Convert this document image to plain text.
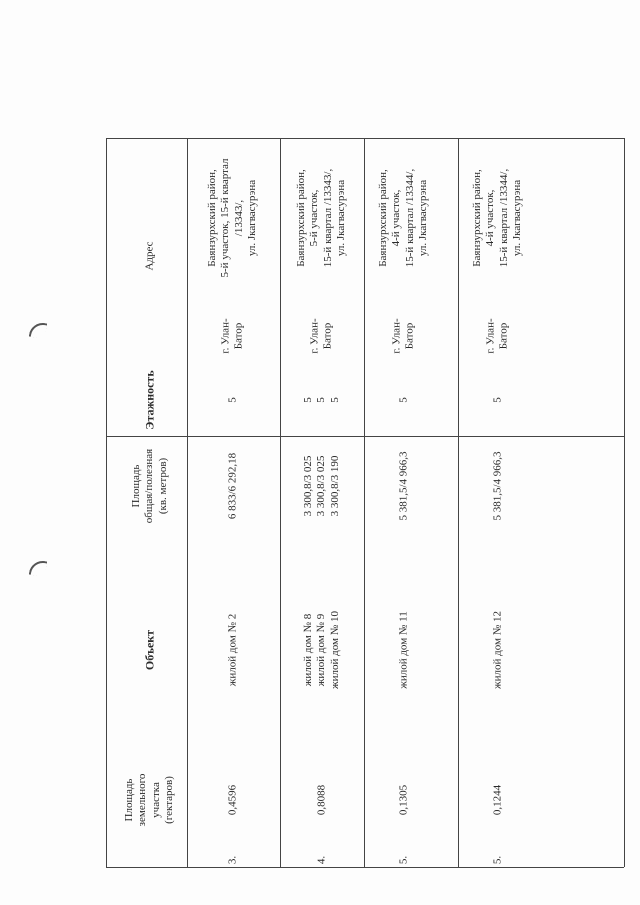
Площадь земельного участка (гектаров)
Объект
Площадь общая/полезная (кв. метров)
Этажность
Адрес
3.
0,4596
жилой дом № 2
6 833/6 292,18
5
г. Улан- Батор
Баянзурхский район, 5-й участок, 15-й квартал /13343/, ул. Jкагвасурэна
4.
0,8088
жилой дом № 8 жилой дом № 9 жилой дом № 10
3 300,8/3 025 3 300,8/3 025 3 300,8/3 190
5 5 5
г. Улан- Батор
Баянзурхский район, 5-й участок, 15-й квартал /13343/, ул. Jкагвасурэна
5.
0,1305
жилой дом № 11
5 381,5/4 966,3
5
г. Улан- Батор
Баянзурхский район, 4-й участок, 15-й квартал /13344/, ул. Jкагвасурэна
5.
0,1244
жилой дом № 12
5 381,5/4 966,3
5
г. Улан- Батор
Баянзурхский район, 4-й участок, 15-й квартал /13344/, ул. Jкагвасурэна
